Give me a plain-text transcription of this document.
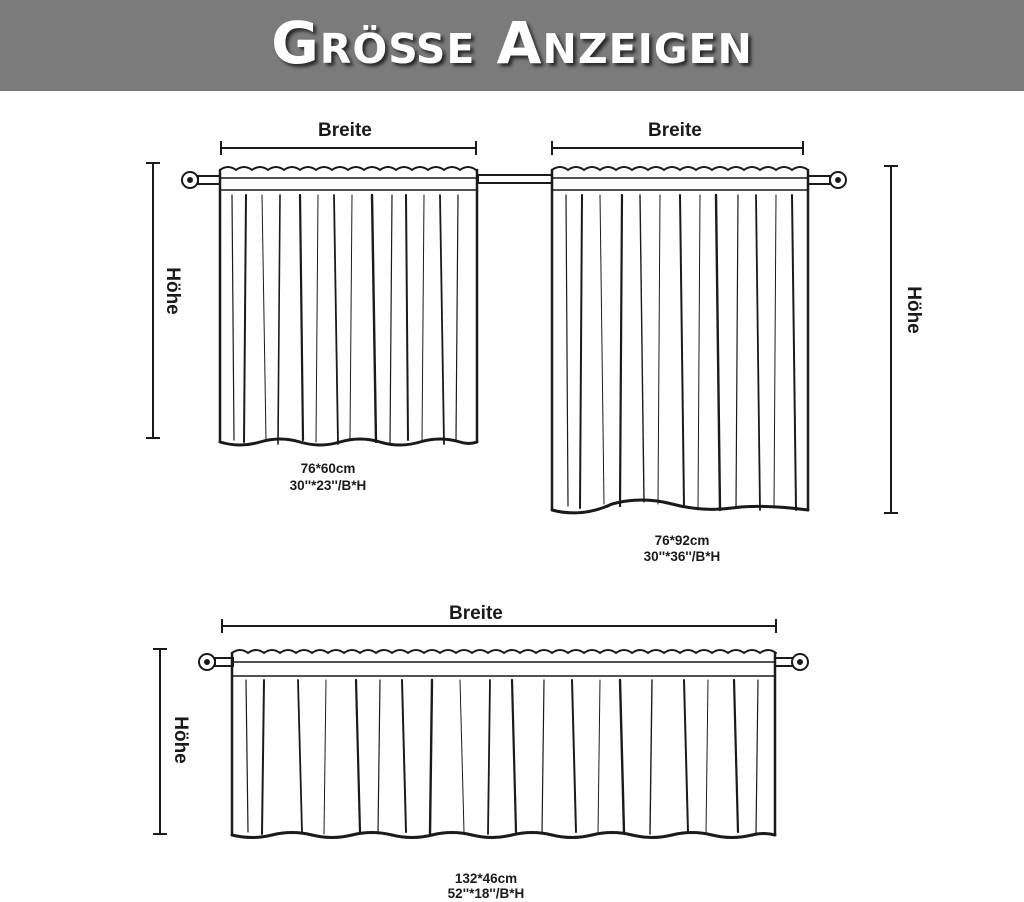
Größe Anzeigen
Breite
Höhe
76*60cm
30''*23''/B*H
Breite
Höhe
76*92cm
30''*36''/B*H
Breite
Höhe
132*46cm
52''*18''/B*H
